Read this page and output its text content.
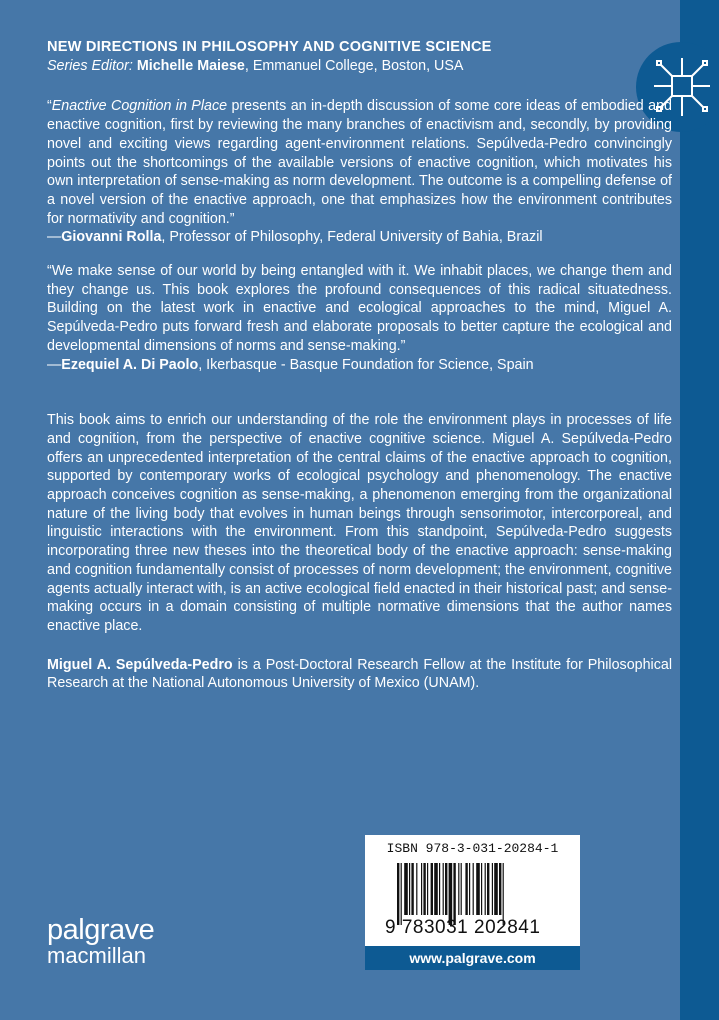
NEW DIRECTIONS IN PHILOSOPHY AND COGNITIVE SCIENCE
Series Editor: Michelle Maiese, Emmanuel College, Boston, USA

“Enactive Cognition in Place presents an in-depth discussion of some core ideas of embodied and enactive cognition, first by reviewing the many branches of enactivism and, secondly, by providing novel and exciting views regarding agent-environment relations. Sepúlveda-Pedro convincingly points out the shortcomings of the available versions of enactive cognition, which motivates his own interpretation of sense-making as norm development. The outcome is a compelling defense of a novel version of the enactive approach, one that emphasizes how the environment contributes for normativity and cognition.”

—Giovanni Rolla, Professor of Philosophy, Federal University of Bahia, Brazil

“We make sense of our world by being entangled with it. We inhabit places, we change them and they change us. This book explores the profound consequences of this radical situatedness. Building on the latest work in enactive and ecological approaches to the mind, Miguel A. Sepúlveda-Pedro puts forward fresh and elaborate proposals to better capture the ecological and developmental dimensions of norms and sense-making.”

—Ezequiel A. Di Paolo, Ikerbasque - Basque Foundation for Science, Spain

This book aims to enrich our understanding of the role the environment plays in processes of life and cognition, from the perspective of enactive cognitive science. Miguel A. Sepúlveda-Pedro offers an unprecedented interpretation of the central claims of the enactive approach to cognition, supported by contemporary works of ecological psychology and phenomenology. The enactive approach conceives cognition as sense-making, a phenomenon emerging from the organizational nature of the living body that evolves in human beings through sensorimotor, intercorporeal, and linguistic interactions with the environment. From this standpoint, Sepúlveda-Pedro suggests incorporating three new theses into the theoretical body of the enactive approach: sense-making and cognition fundamentally consist of processes of norm development; the environment, cognitive agents actually interact with, is an active ecological field enacted in their historical past; and sense-making occurs in a domain consisting of multiple normative dimensions that the author names enactive place.

Miguel A. Sepúlveda-Pedro is a Post-Doctoral Research Fellow at the Institute for Philosophical Research at the National Autonomous University of Mexico (UNAM).

ISBN 978-3-031-20284-1
9 783031 202841
www.palgrave.com
palgrave
macmillan
